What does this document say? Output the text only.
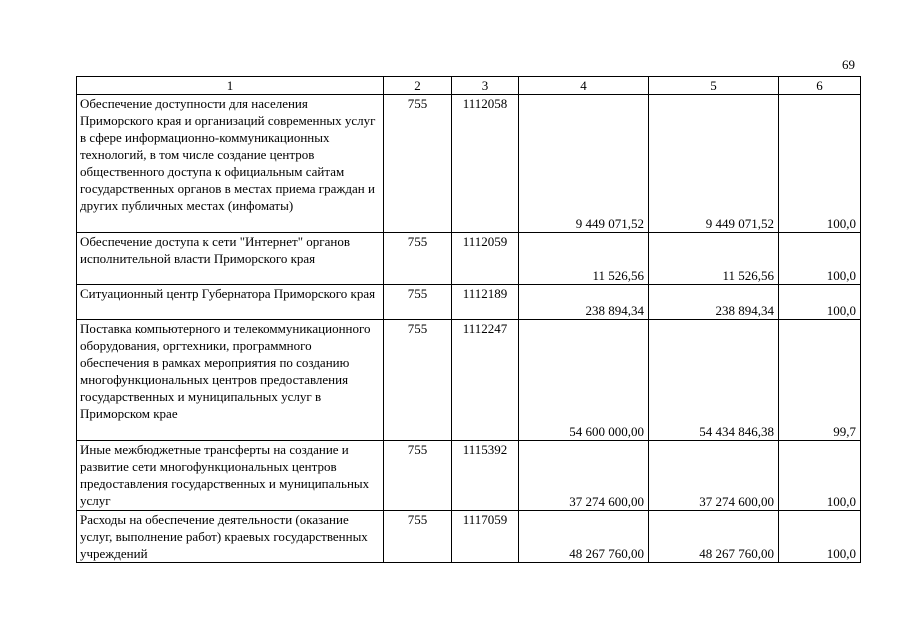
69
1	2	3	4	5	6
Обеспечение доступности для населения Приморского края и организаций современных услуг в сфере информационно-коммуникационных технологий, в том числе создание центров общественного доступа к официальным сайтам государственных органов в местах приема граждан и других публичных местах (инфоматы)	755	1112058	9 449 071,52	9 449 071,52	100,0
Обеспечение доступа к сети "Интернет" органов исполнительной власти Приморского края	755	1112059	11 526,56	11 526,56	100,0
Ситуационный центр Губернатора Приморского края	755	1112189	238 894,34	238 894,34	100,0
Поставка компьютерного и телекоммуникационного оборудования, оргтехники, программного обеспечения в рамках мероприятия по созданию многофункциональных центров предоставления государственных и муниципальных услуг в Приморском крае	755	1112247	54 600 000,00	54 434 846,38	99,7
Иные межбюджетные трансферты на создание и развитие сети многофункциональных центров предоставления государственных и муниципальных услуг	755	1115392	37 274 600,00	37 274 600,00	100,0
Расходы на обеспечение деятельности (оказание услуг, выполнение работ) краевых государственных учреждений	755	1117059	48 267 760,00	48 267 760,00	100,0
